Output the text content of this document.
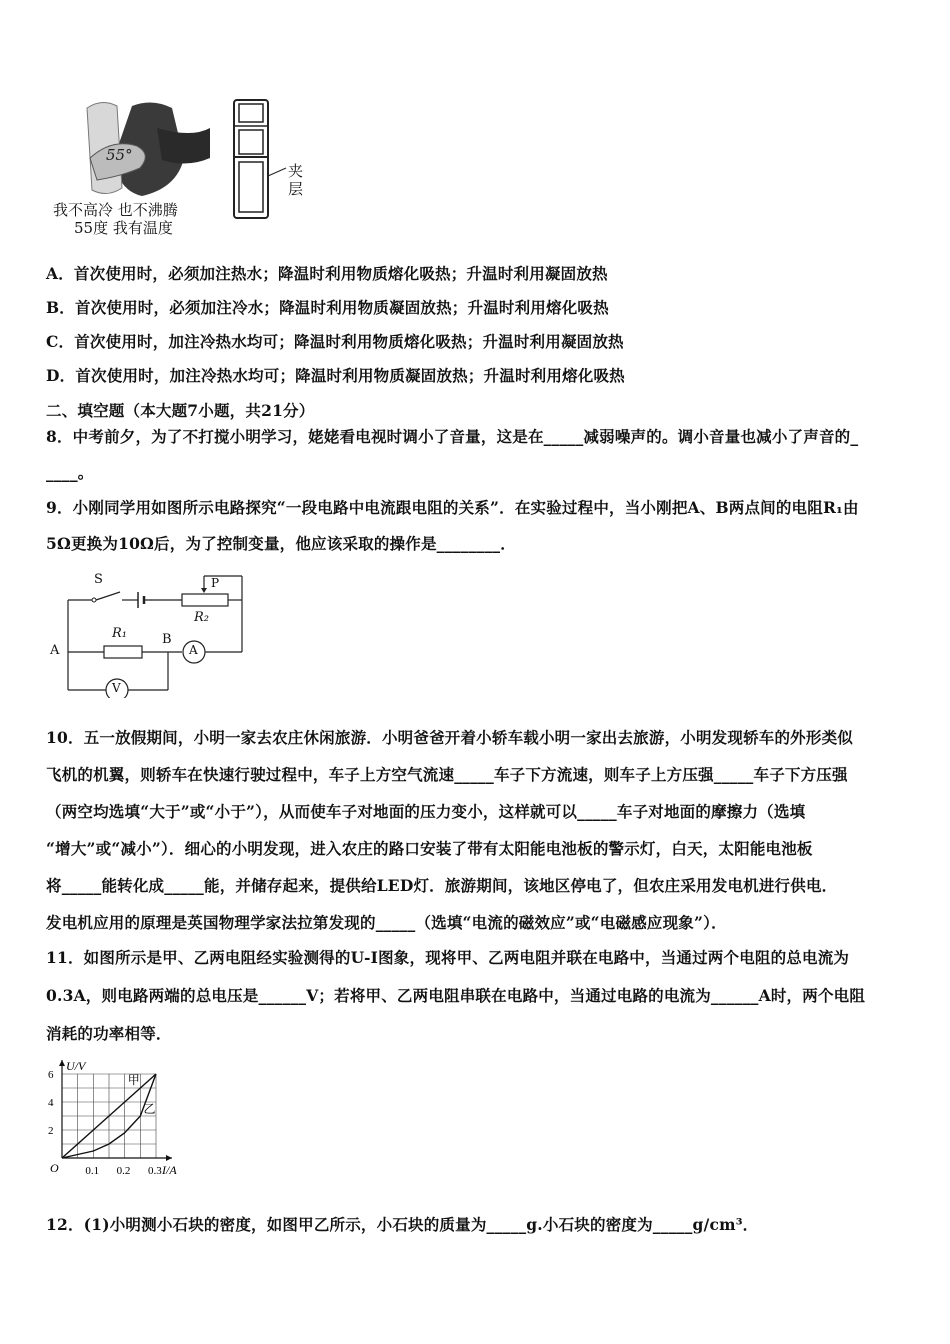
55°
我不高冷 也不沸腾
55度 我有温度
夹
层
A．首次使用时，必须加注热水；降温时利用物质熔化吸热；升温时利用凝固放热
B．首次使用时，必须加注冷水；降温时利用物质凝固放热；升温时利用熔化吸热
C．首次使用时，加注冷热水均可；降温时利用物质熔化吸热；升温时利用凝固放热
D．首次使用时，加注冷热水均可；降温时利用物质凝固放热；升温时利用熔化吸热
二、填空题（本大题7小题，共21分）
8．中考前夕，为了不打搅小明学习，姥姥看电视时调小了音量，这是在_____减弱噪声的。调小音量也减小了声音的_
____。
9．小刚同学用如图所示电路探究“一段电路中电流跟电阻的关系”．在实验过程中，当小刚把A、B两点间的电阻R₁由
5Ω更换为10Ω后，为了控制变量，他应该采取的操作是________．
S	P
R₂
R₁
A
B
A
V
10．五一放假期间，小明一家去农庄休闲旅游．小明爸爸开着小轿车载小明一家出去旅游，小明发现轿车的外形类似
飞机的机翼，则轿车在快速行驶过程中，车子上方空气流速_____车子下方流速，则车子上方压强_____车子下方压强
（两空均选填“大于”或“小于”），从而使车子对地面的压力变小，这样就可以_____车子对地面的摩擦力（选填
“增大”或“减小”）．细心的小明发现，进入农庄的路口安装了带有太阳能电池板的警示灯，白天，太阳能电池板
将_____能转化成_____能，并储存起来，提供给LED灯．旅游期间，该地区停电了，但农庄采用发电机进行供电．
发电机应用的原理是英国物理学家法拉第发现的_____（选填“电流的磁效应”或“电磁感应现象”）．
11．如图所示是甲、乙两电阻经实验测得的U-I图象，现将甲、乙两电阻并联在电路中，当通过两个电阻的总电流为
0.3A，则电路两端的总电压是______V；若将甲、乙两电阻串联在电路中，当通过电路的电流为______A时，两个电阻
消耗的功率相等．
U/V
I/A
O 0.1 0.2 0.3
2
4
6	甲
乙
12．(1)小明测小石块的密度，如图甲乙所示，小石块的质量为_____g.小石块的密度为_____g/cm³．
